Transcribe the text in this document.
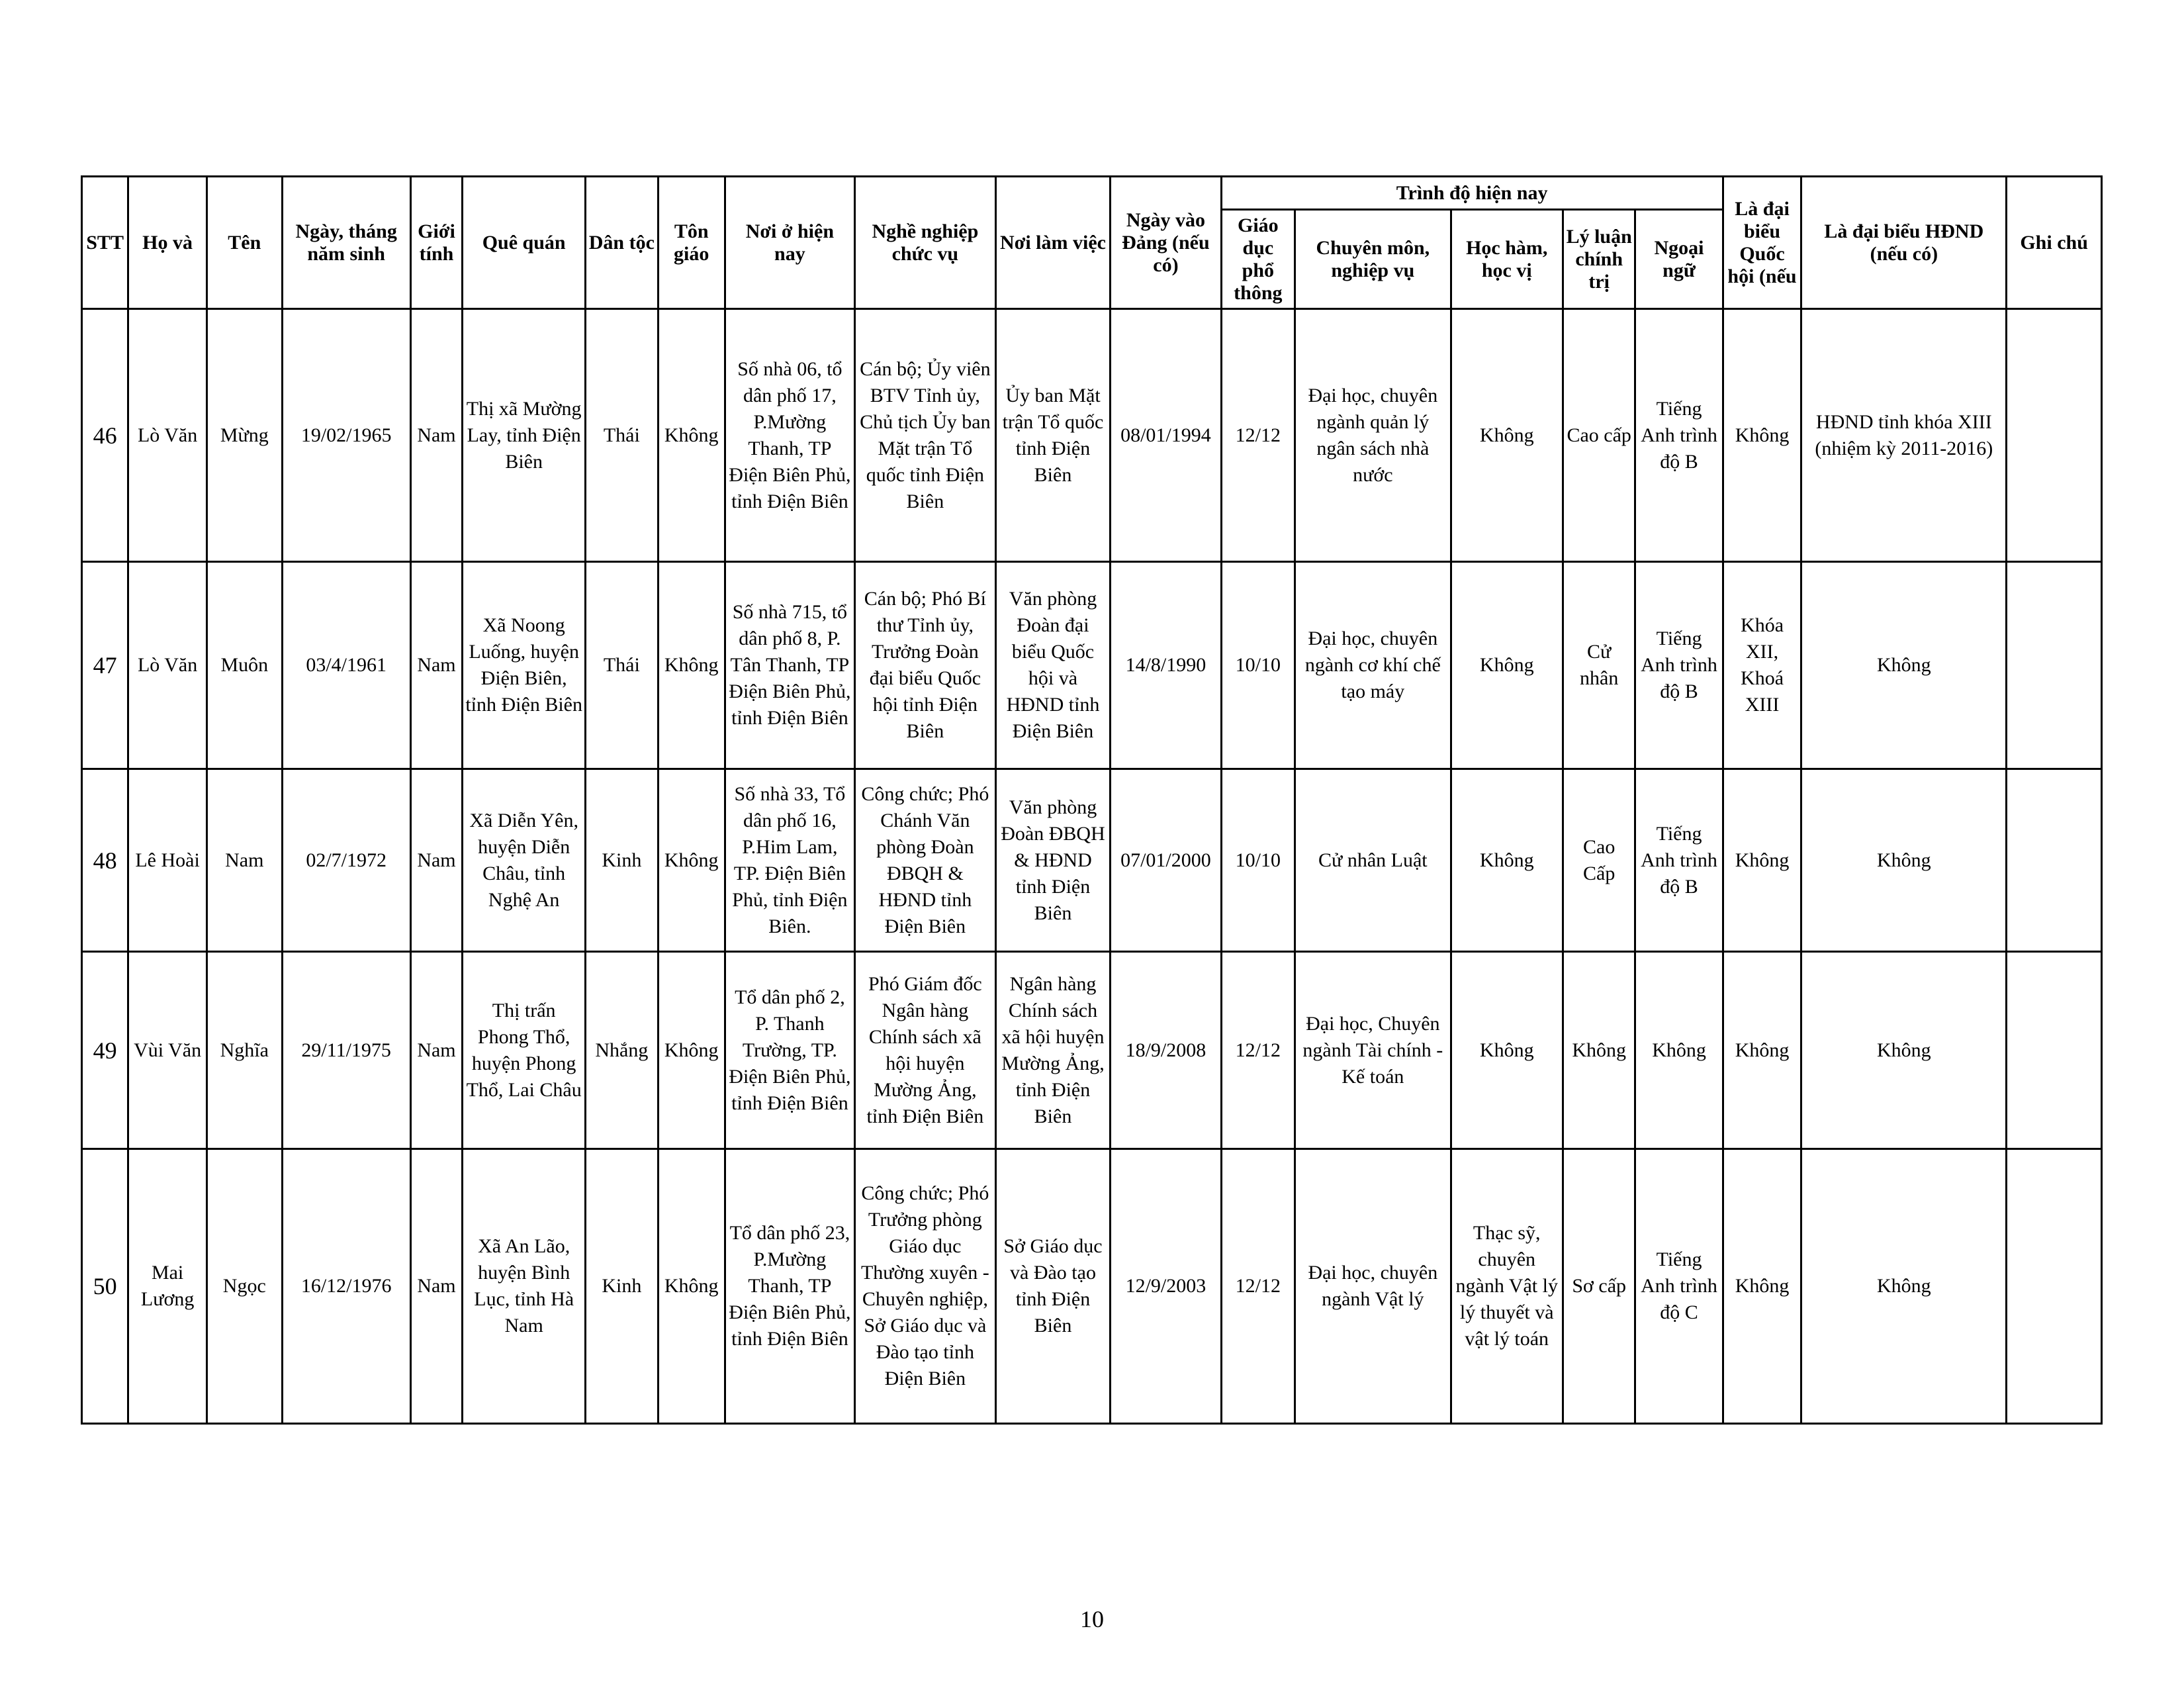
STT	Họ và	Tên	Ngày, tháng năm sinh	Giới tính	Quê quán	Dân tộc	Tôn giáo	Nơi ở hiện nay	Nghề nghiệp chức vụ	Nơi làm việc	Ngày vào Đảng (nếu có)	Trình độ hiện nay					Là đại biểu Quốc hội (nếu	Là đại biểu HĐND (nếu có)	Ghi chú
												Giáo dục phổ thông	Chuyên môn, nghiệp vụ	Học hàm, học vị	Lý luận chính trị	Ngoại ngữ			
46	Lò Văn	Mừng	19/02/1965	Nam	Thị xã Mường Lay, tỉnh Điện Biên	Thái	Không	Số nhà 06, tổ dân phố 17, P.Mường Thanh, TP Điện Biên Phủ, tỉnh Điện Biên	Cán bộ; Ủy viên BTV Tỉnh ủy, Chủ tịch Ủy ban Mặt trận Tổ quốc tỉnh Điện Biên	Ủy ban Mặt trận Tổ quốc tỉnh Điện Biên	08/01/1994	12/12	Đại học, chuyên ngành quản lý ngân sách nhà nước	Không	Cao cấp	Tiếng Anh trình độ B	Không	HĐND tỉnh khóa XIII (nhiệm kỳ 2011-2016)	
47	Lò Văn	Muôn	03/4/1961	Nam	Xã Noong Luống, huyện Điện Biên, tỉnh Điện Biên	Thái	Không	Số nhà 715, tổ dân phố 8, P. Tân Thanh, TP Điện Biên Phủ, tỉnh Điện Biên	Cán bộ; Phó Bí thư Tỉnh ủy, Trưởng Đoàn đại biểu Quốc hội tỉnh Điện Biên	Văn phòng Đoàn đại biểu Quốc hội và HĐND tỉnh Điện Biên	14/8/1990	10/10	Đại học, chuyên ngành cơ khí chế tạo máy	Không	Cử nhân	Tiếng Anh trình độ B	Khóa XII, Khoá XIII	Không	
48	Lê Hoài	Nam	02/7/1972	Nam	Xã Diễn Yên, huyện Diễn Châu, tỉnh Nghệ An	Kinh	Không	Số nhà 33, Tổ dân phố 16, P.Him Lam, TP. Điện Biên Phủ, tỉnh Điện Biên.	Công chức; Phó Chánh Văn phòng Đoàn ĐBQH & HĐND tỉnh Điện Biên	Văn phòng Đoàn ĐBQH & HĐND tỉnh Điện Biên	07/01/2000	10/10	Cử nhân Luật	Không	Cao Cấp	Tiếng Anh trình độ B	Không	Không	
49	Vùi Văn	Nghĩa	29/11/1975	Nam	Thị trấn Phong Thổ, huyện Phong Thổ, Lai Châu	Nhắng	Không	Tổ dân phố 2, P. Thanh Trường, TP. Điện Biên Phủ, tỉnh Điện Biên	Phó Giám đốc Ngân hàng Chính sách xã hội huyện Mường Ảng, tỉnh Điện Biên	Ngân hàng Chính sách xã hội huyện Mường Ảng, tỉnh Điện Biên	18/9/2008	12/12	Đại học, Chuyên ngành Tài chính - Kế toán	Không	Không	Không	Không	Không	
50	Mai Lương	Ngọc	16/12/1976	Nam	Xã An Lão, huyện Bình Lục, tỉnh Hà Nam	Kinh	Không	Tổ dân phố 23, P.Mường Thanh, TP Điện Biên Phủ, tỉnh Điện Biên	Công chức; Phó Trưởng phòng Giáo dục Thường xuyên - Chuyên nghiệp, Sở Giáo dục và Đào tạo tỉnh Điện Biên	Sở Giáo dục và Đào tạo tỉnh Điện Biên	12/9/2003	12/12	Đại học, chuyên ngành Vật lý	Thạc sỹ, chuyên ngành Vật lý lý thuyết và vật lý toán	Sơ cấp	Tiếng Anh trình độ C	Không	Không	
10
